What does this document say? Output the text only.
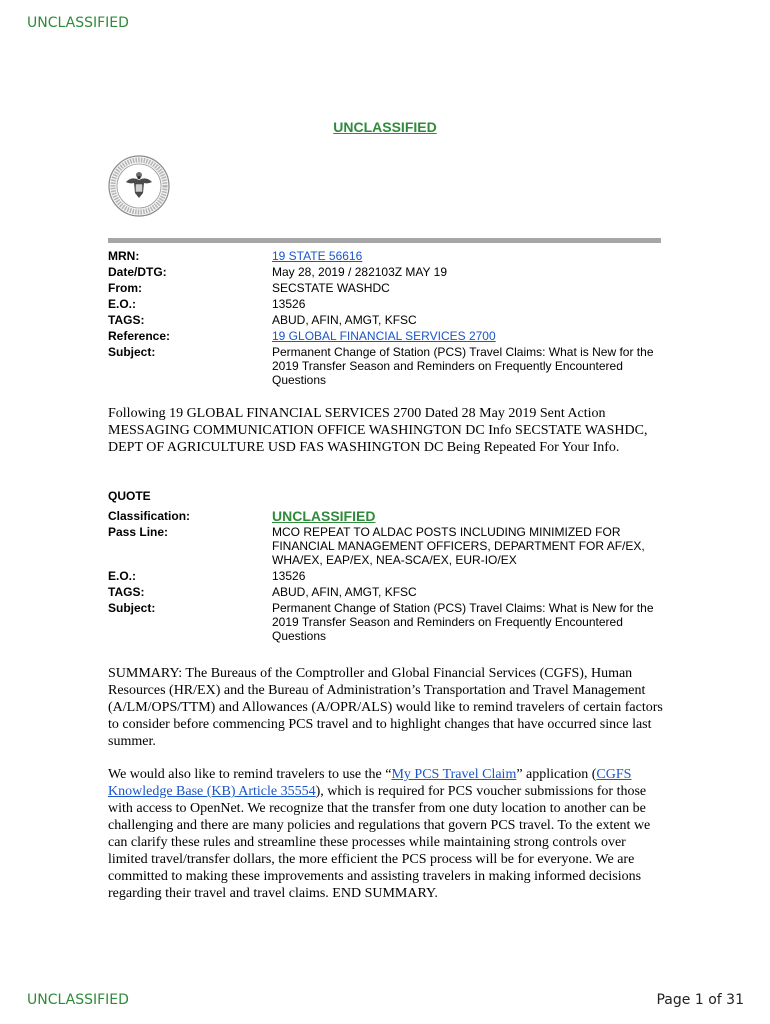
UNCLASSIFIED
UNCLASSIFIED
MRN:	19 STATE 56616
Date/DTG:	May 28, 2019 / 282103Z MAY 19
From:	SECSTATE WASHDC
E.O.:	13526
TAGS:	ABUD, AFIN, AMGT, KFSC
Reference:	19 GLOBAL FINANCIAL SERVICES 2700
Subject:	Permanent Change of Station (PCS) Travel Claims: What is New for the 2019 Transfer Season and Reminders on Frequently Encountered Questions
Following 19 GLOBAL FINANCIAL SERVICES 2700 Dated 28 May 2019 Sent Action MESSAGING COMMUNICATION OFFICE WASHINGTON DC Info SECSTATE WASHDC, DEPT OF AGRICULTURE USD FAS WASHINGTON DC Being Repeated For Your Info.
QUOTE
Classification:	UNCLASSIFIED
Pass Line:	MCO REPEAT TO ALDAC POSTS INCLUDING MINIMIZED FOR FINANCIAL MANAGEMENT OFFICERS, DEPARTMENT FOR AF/EX, WHA/EX, EAP/EX, NEA-SCA/EX, EUR-IO/EX
E.O.:	13526
TAGS:	ABUD, AFIN, AMGT, KFSC
Subject:	Permanent Change of Station (PCS) Travel Claims: What is New for the 2019 Transfer Season and Reminders on Frequently Encountered Questions
SUMMARY: The Bureaus of the Comptroller and Global Financial Services (CGFS), Human Resources (HR/EX) and the Bureau of Administration’s Transportation and Travel Management (A/LM/OPS/TTM) and Allowances (A/OPR/ALS) would like to remind travelers of certain factors to consider before commencing PCS travel and to highlight changes that have occurred since last summer.
We would also like to remind travelers to use the “My PCS Travel Claim” application (CGFS Knowledge Base (KB) Article 35554), which is required for PCS voucher submissions for those with access to OpenNet. We recognize that the transfer from one duty location to another can be challenging and there are many policies and regulations that govern PCS travel. To the extent we can clarify these rules and streamline these processes while maintaining strong controls over limited travel/transfer dollars, the more efficient the PCS process will be for everyone. We are committed to making these improvements and assisting travelers in making informed decisions regarding their travel and travel claims. END SUMMARY.
UNCLASSIFIED	Page 1 of 31
